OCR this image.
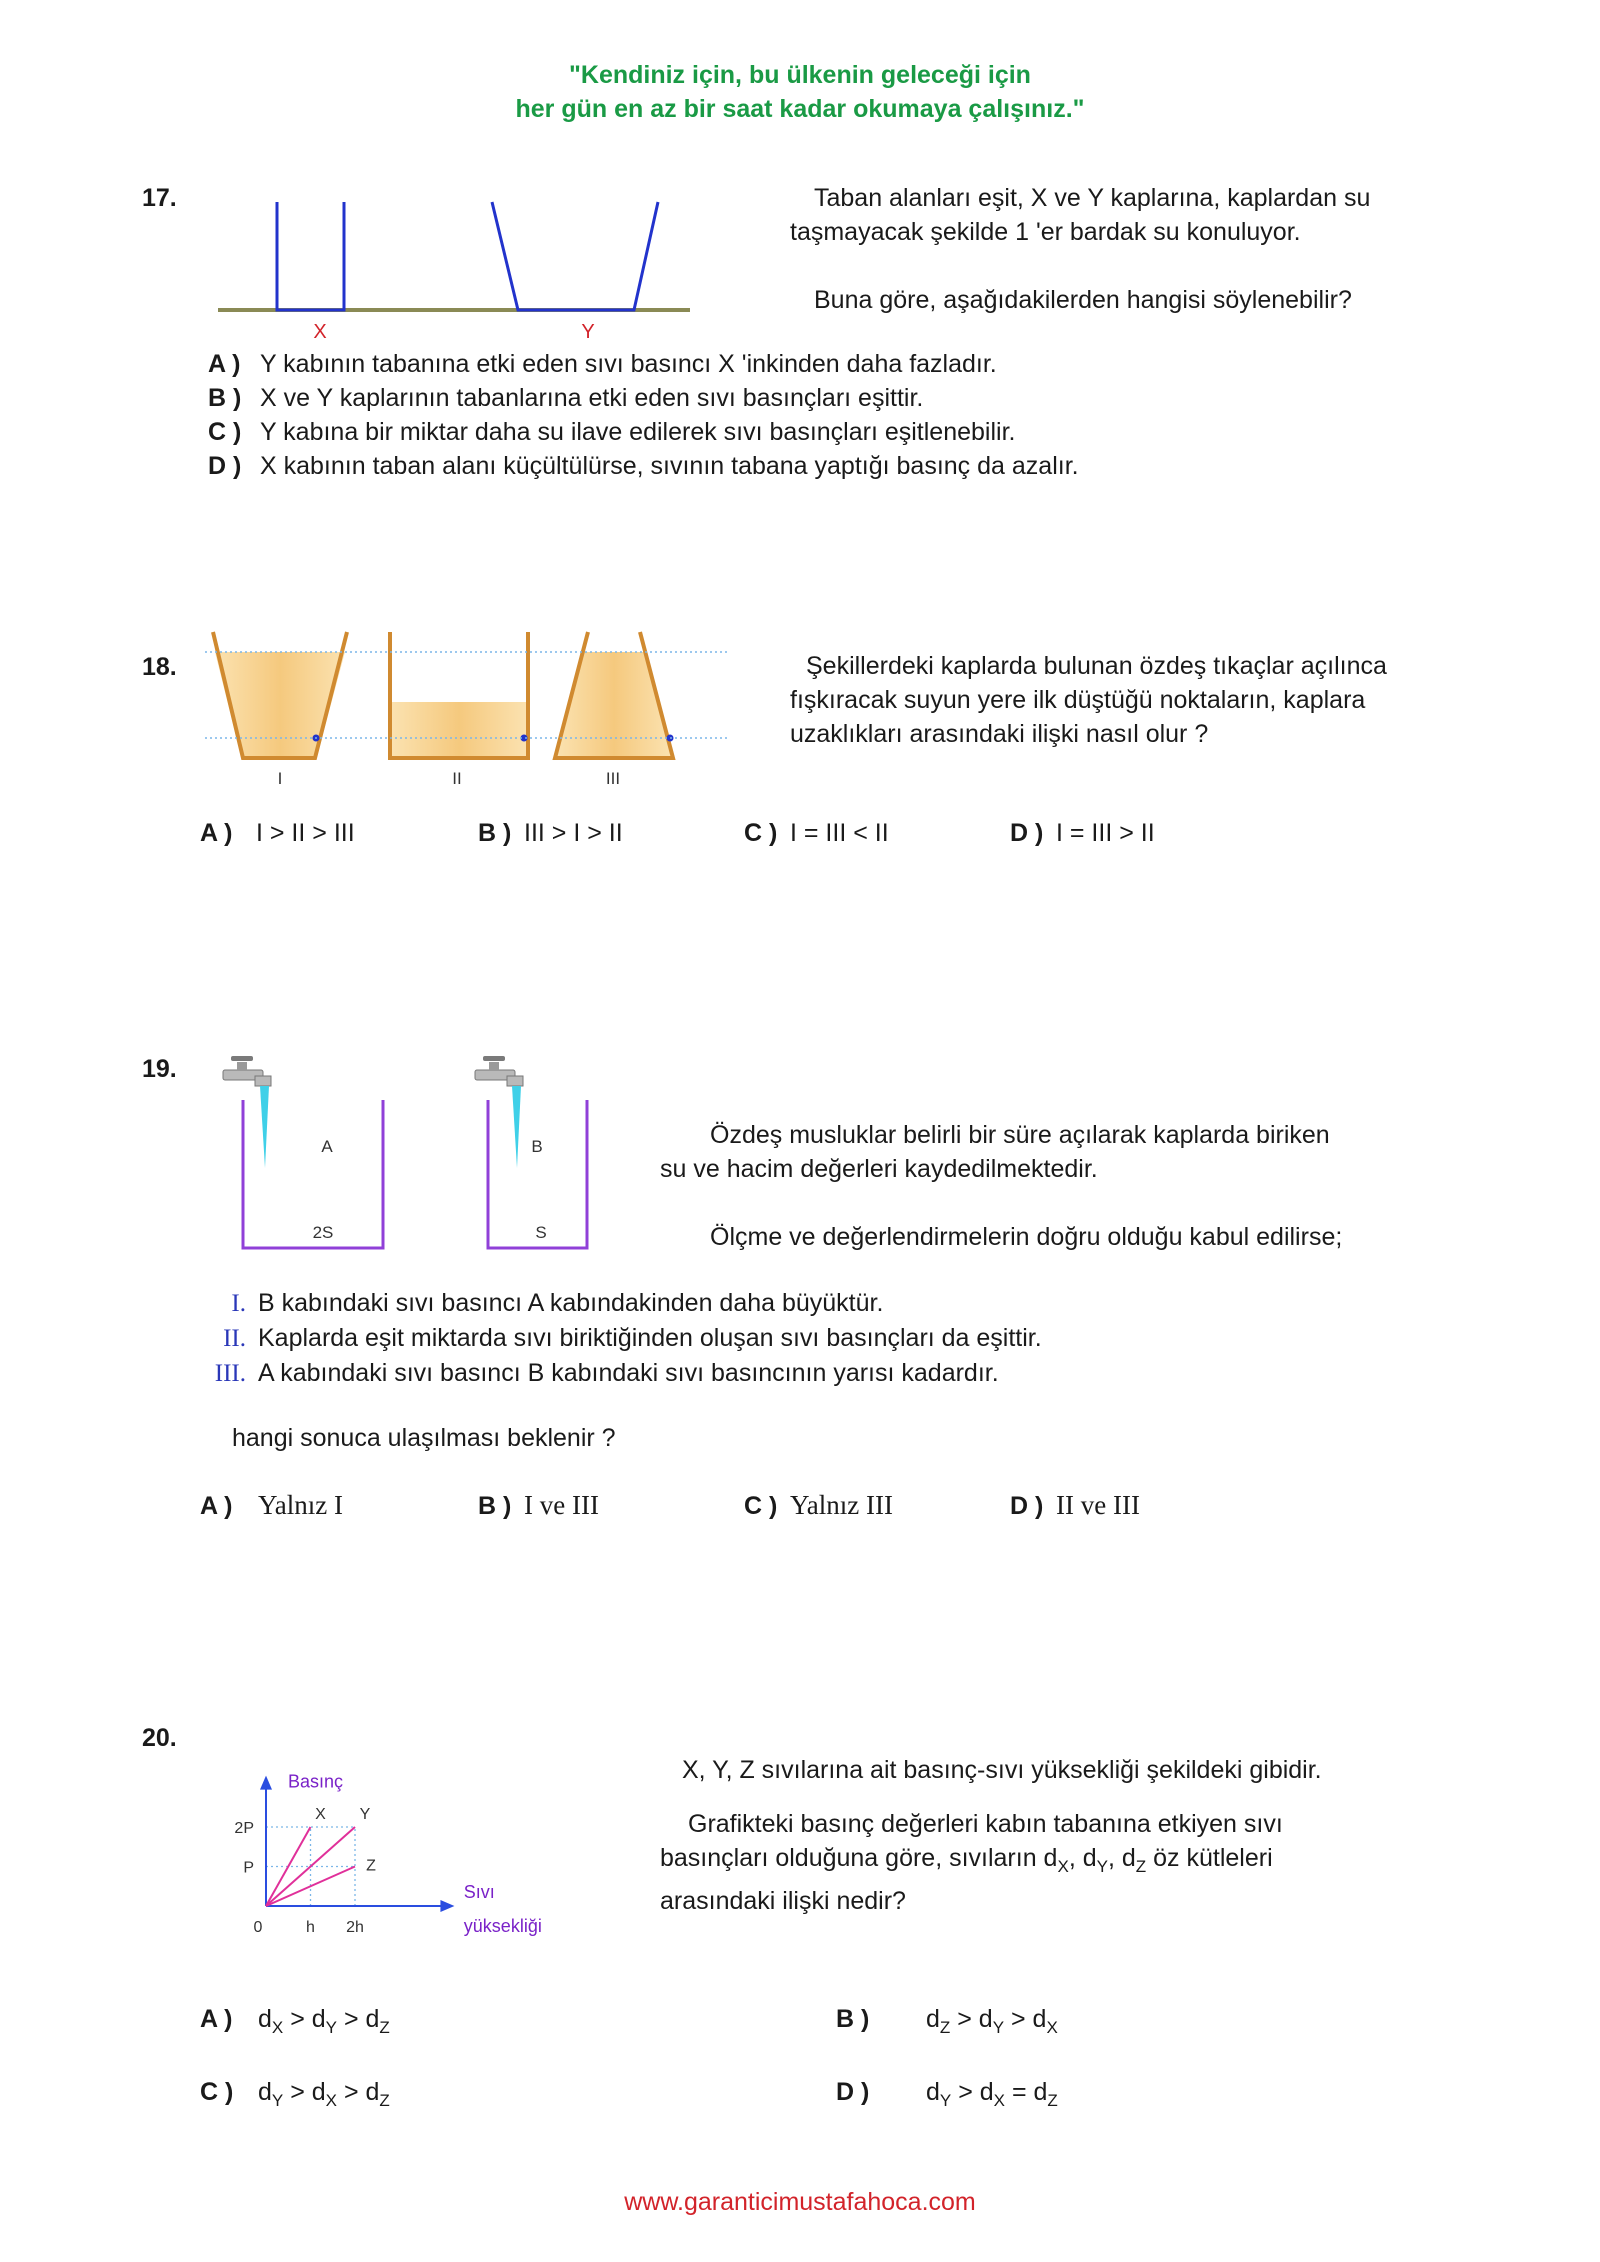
"Kendiniz için, bu ülkenin geleceği için
her gün en az bir saat kadar okumaya çalışınız."
17.
X	Y
Taban alanları eşit, X ve Y kaplarına, kaplardan su
taşmayacak şekilde 1 'er bardak su konuluyor.
Buna göre, aşağıdakilerden hangisi söylenebilir?
A ) Y kabının tabanına etki eden sıvı basıncı X 'inkinden daha fazladır.
B ) X ve Y kaplarının tabanlarına etki eden sıvı basınçları eşittir.
C ) Y kabına bir miktar daha su ilave edilerek sıvı basınçları eşitlenebilir.
D ) X kabının taban alanı küçültülürse, sıvının tabana yaptığı basınç da azalır.
18.
I	II	III
Şekillerdeki kaplarda bulunan özdeş tıkaçlar açılınca
fışkıracak suyun yere ilk düştüğü noktaların, kaplara
uzaklıkları arasındaki ilişki nasıl olur ?
A ) I > II > III	B ) III > I > II	C ) I = III < II	D ) I = III > II
19.
A
2S
B
S
Özdeş musluklar belirli bir süre açılarak kaplarda biriken
su ve hacim değerleri kaydedilmektedir.
Ölçme ve değerlendirmelerin doğru olduğu kabul edilirse;
I. B kabındaki sıvı basıncı A kabındakinden daha büyüktür.
II. Kaplarda eşit miktarda sıvı biriktiğinden oluşan sıvı basınçları da eşittir.
III. A kabındaki sıvı basıncı B kabındaki sıvı basıncının yarısı kadardır.
hangi sonuca ulaşılması beklenir ?
A ) Yalnız I	B ) I ve III	C ) Yalnız III	D ) II ve III
20.
X Y
Z
0	h 2h
P
2P
Basınç
Sıvı
yüksekliği
X, Y, Z sıvılarına ait basınç-sıvı yüksekliği şekildeki gibidir.
Grafikteki basınç değerleri kabın tabanına etkiyen sıvı
basınçları olduğuna göre, sıvıların $d_X$, $d_Y$, $d_Z$ öz kütleleri
arasındaki ilişki nedir?
A ) $d_X > d_Y > d_Z$	B ) $d_Z > d_Y > d_X$
C ) $d_Y > d_X > d_Z$	D ) $d_Y > d_X = d_Z$
www.garanticimustafahoca.com
